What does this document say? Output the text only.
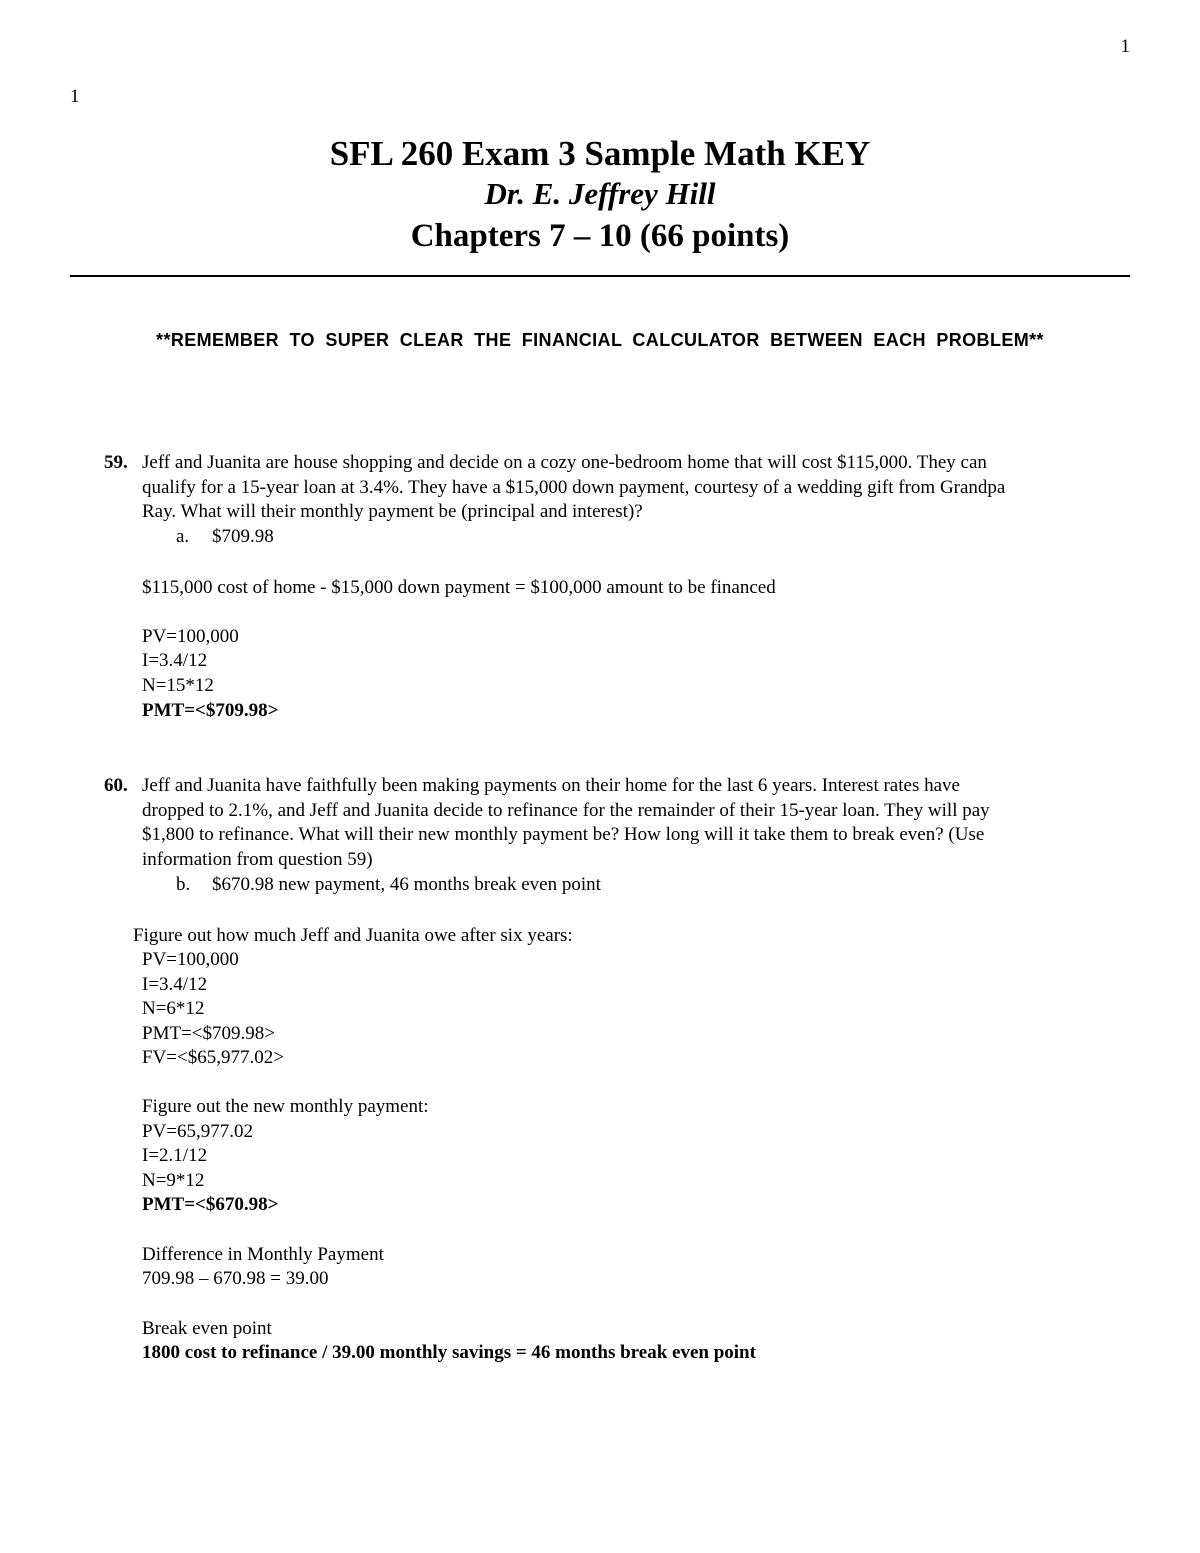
1
1
SFL 260 Exam 3 Sample Math KEY
Dr. E. Jeffrey Hill
Chapters 7 – 10 (66 points)
**REMEMBER TO SUPER CLEAR THE FINANCIAL CALCULATOR BETWEEN EACH PROBLEM**
59. Jeff and Juanita are house shopping and decide on a cozy one-bedroom home that will cost $115,000. They can
qualify for a 15-year loan at 3.4%. They have a $15,000 down payment, courtesy of a wedding gift from Grandpa
Ray. What will their monthly payment be (principal and interest)?
a. $709.98
$115,000 cost of home - $15,000 down payment = $100,000 amount to be financed
PV=100,000
I=3.4/12
N=15*12
PMT=<$709.98>
60. Jeff and Juanita have faithfully been making payments on their home for the last 6 years. Interest rates have
dropped to 2.1%, and Jeff and Juanita decide to refinance for the remainder of their 15-year loan. They will pay
$1,800 to refinance. What will their new monthly payment be? How long will it take them to break even? (Use
information from question 59)
b. $670.98 new payment, 46 months break even point
Figure out how much Jeff and Juanita owe after six years:
PV=100,000
I=3.4/12
N=6*12
PMT=<$709.98>
FV=<$65,977.02>
Figure out the new monthly payment:
PV=65,977.02
I=2.1/12
N=9*12
PMT=<$670.98>
Difference in Monthly Payment
709.98 – 670.98 = 39.00
Break even point
1800 cost to refinance / 39.00 monthly savings = 46 months break even point
